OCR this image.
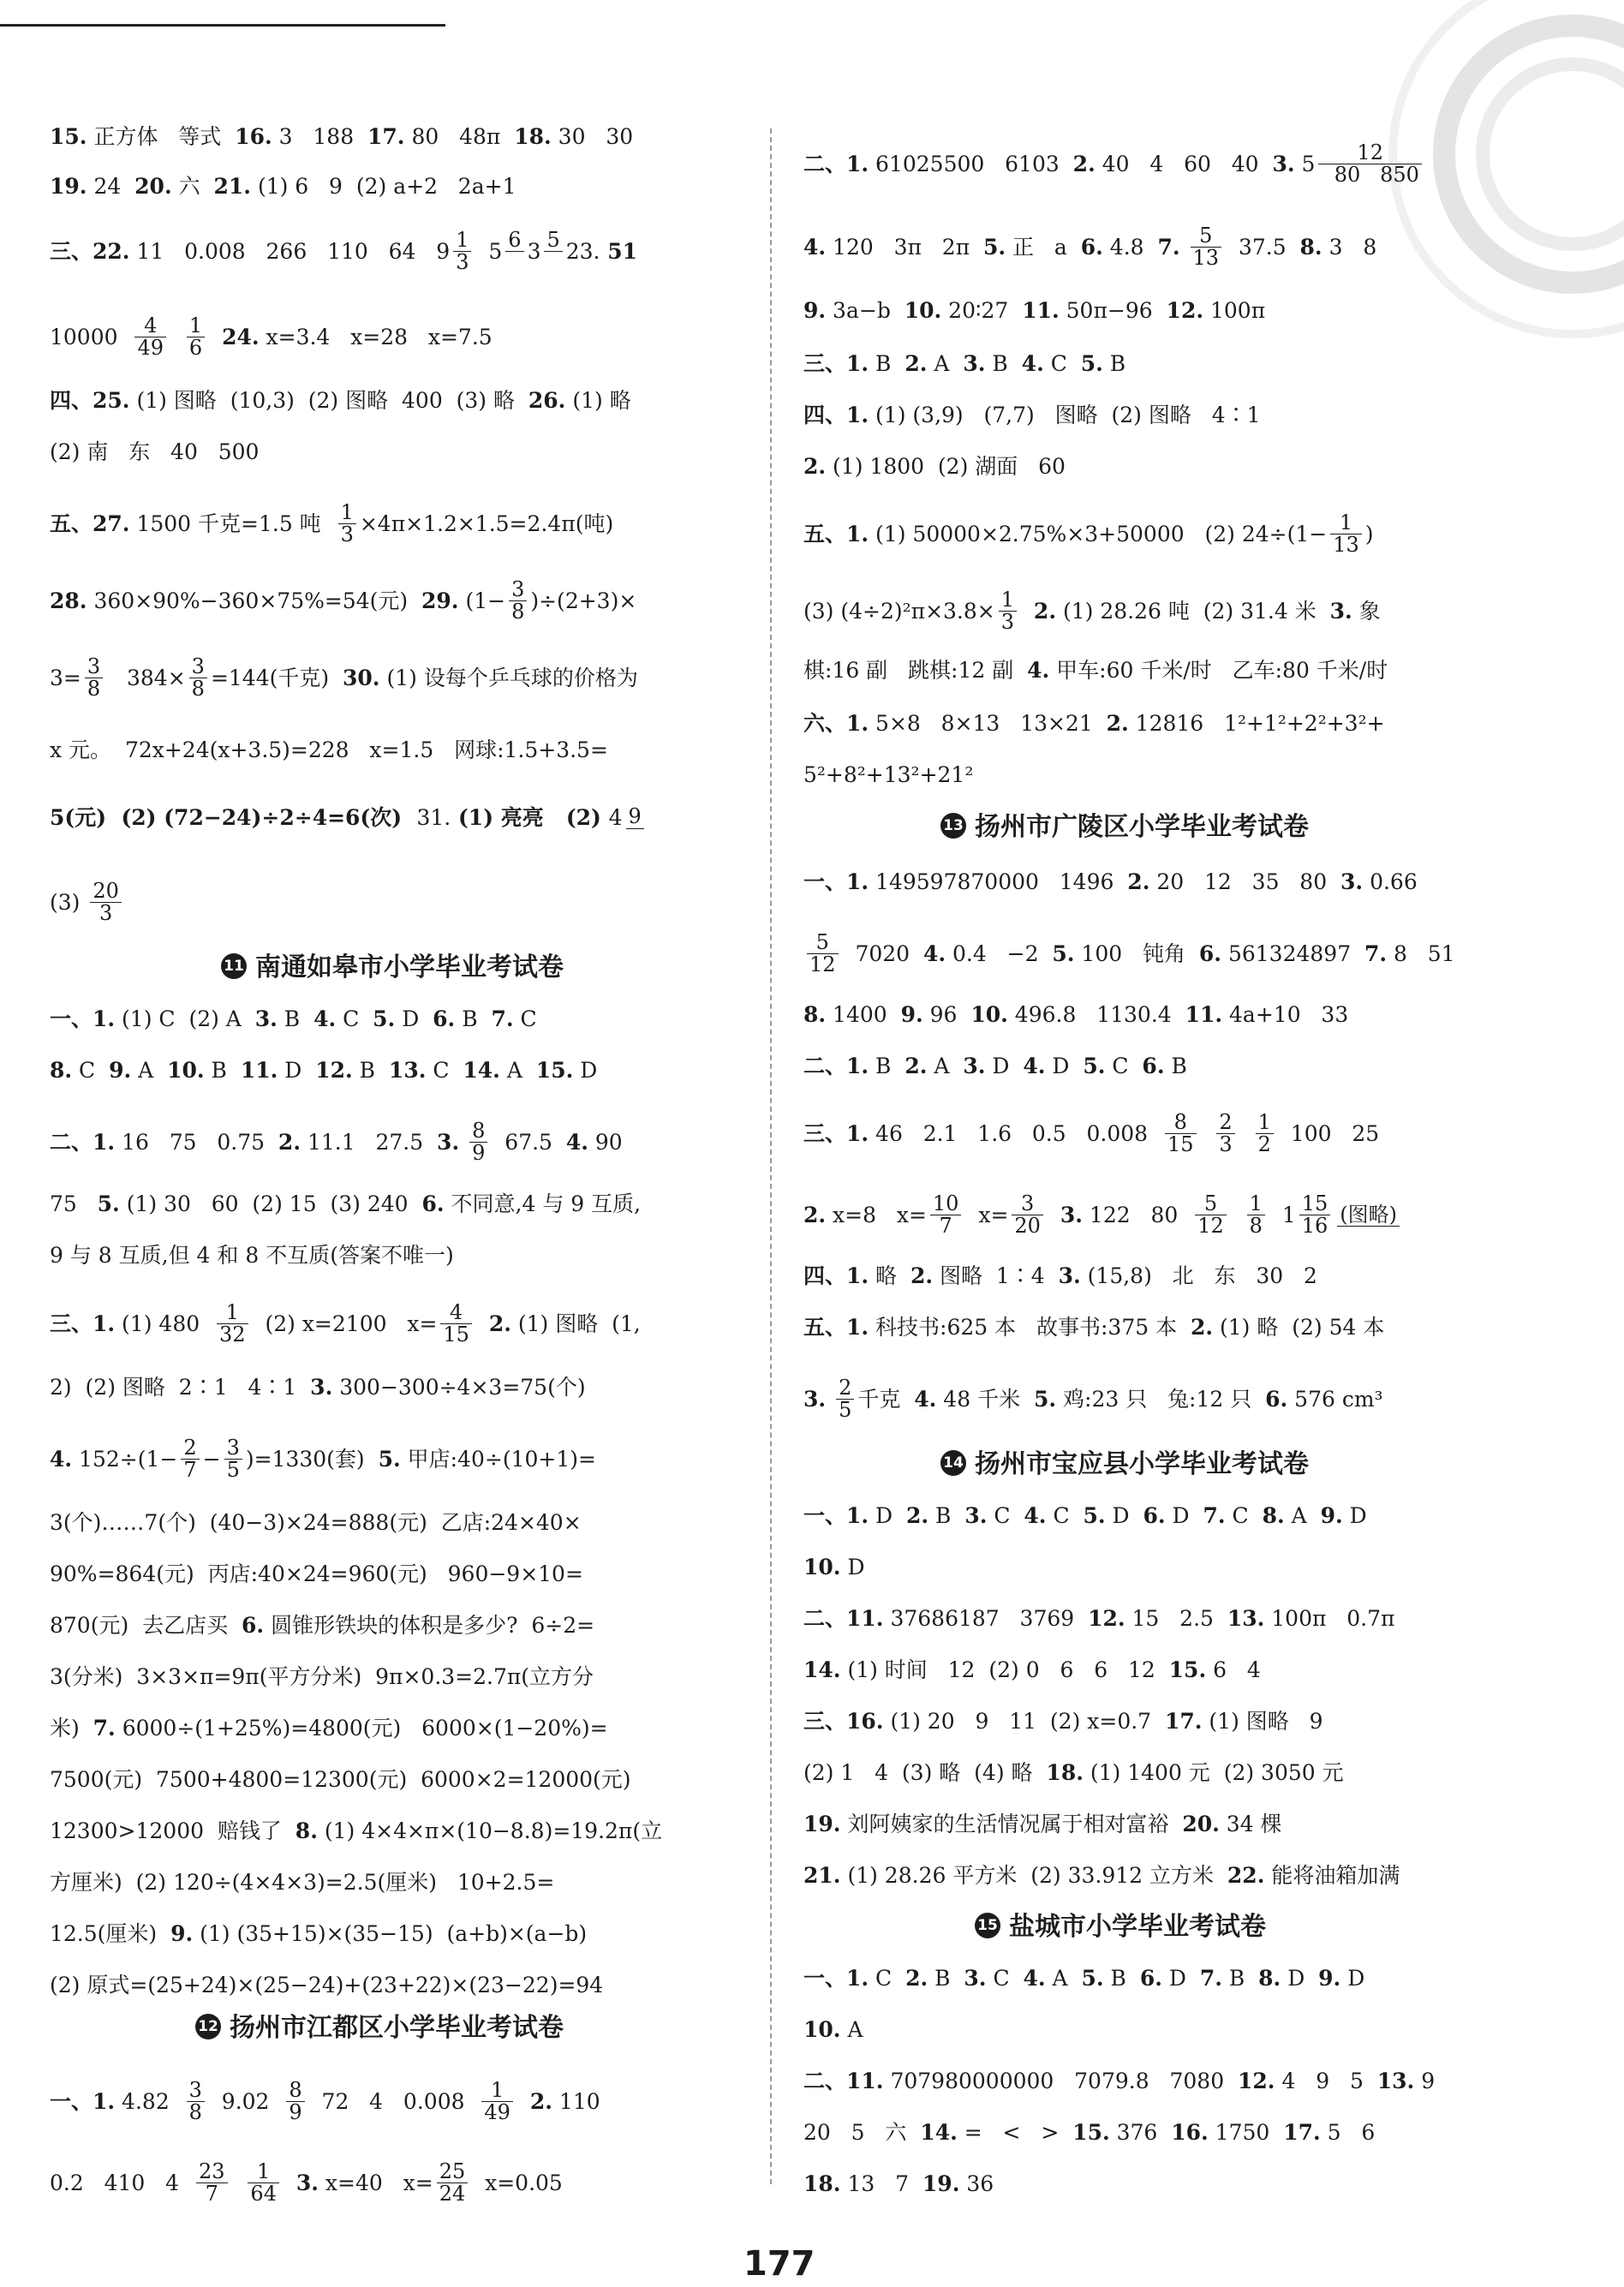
15. 正方体   等式  16. 3   188  17. 80   48π  18. 30   30
19. 24  20. 六  21. (1) 6   9  (2) a+2   2a+1
三、22. 11   0.008   266   110   64   $9 \frac{1}{3} 5$ 6
3 5
23. 51
$10000 \frac{4}{49}$
$\frac{1}{6} 24$. x=3.4   x=28   x=7.5
四、25. (1) 图略  (10,3)  (2) 图略  400  (3) 略  26. (1) 略
(2) 南   东   40   500
五、27. 1500 千克=1.5 吨 $\frac{1}{3} \times 4\pi\times 1.2\times 1.5=2.4\pi$(吨)
28. 360×90%−360×75%=54(元)  29. $(1- \frac{3}{8} )\div(2+3)\times$
$3= \frac{3}{8} 384\times \frac{3}{8} =144$(千克)  30. (1) 设每个乒乓球的价格为
x 元。  72x+24(x+3.5)=228   x=1.5   网球:1.5+3.5=
5(元)  (2) (72−24)÷2÷4=6(次)  31. (1) 亮亮   (2) 4 9
$(3) \frac{20}{3}$
一、1. (1) C  (2) A  3. B  4. C  5. D  6. B  7. C
8. C  9. A  10. B  11. D  12. B  13. C  14. A  15. D
二、1. 16   75   0.75  2. 11.1   27.5  3. $\frac{8}{9} 67.5$  4. 90
75   5. (1) 30   60  (2) 15  (3) 240  6. 不同意,4 与 9 互质,
9 与 8 互质,但 4 和 8 不互质(答案不唯一)
三、1. (1) $480 \frac{1}{32} (2)$ x=2100   $x= \frac{4}{15} 2$. (1) 图略  (1,
2)  (2) 图略  2∶1   4∶1  3. 300−300÷4×3=75(个)
4. $152\div(1- \frac{2}{7} - \frac{3}{5} )=1330$(套)  5. 甲店:40÷(10+1)=
3(个)……7(个)  (40−3)×24=888(元)  乙店:24×40×
90%=864(元)  丙店:40×24=960(元)   960−9×10=
870(元)  去乙店买  6. 圆锥形铁块的体积是多少?  6÷2=
3(分米)  3×3×π=9π(平方分米)  9π×0.3=2.7π(立方分
米)  7. 6000÷(1+25%)=4800(元)   6000×(1−20%)=
7500(元)  7500+4800=12300(元)  6000×2=12000(元)
12300>12000  赔钱了  8. (1) 4×4×π×(10−8.8)=19.2π(立
方厘米)  (2) 120÷(4×4×3)=2.5(厘米)   10+2.5=
12.5(厘米)  9. (1) (35+15)×(35−15)  (a+b)×(a−b)
(2) 原式=(25+24)×(25−24)+(23+22)×(23−22)=94
一、1. $4.82 \frac{3}{8} 9.02 \frac{8}{9} 72$   4   $0.008 \frac{1}{49} 2$. 110
0.2   410   $4 \frac{23}{7}$
$\frac{1}{64} 3$. x=40   $x= \frac{25}{24} x=0.05$
11 南通如皋市小学毕业考试卷
12 扬州市江都区小学毕业考试卷
二、1. 61025500   6103  2. 40   4   60   40  3. $5 \frac{12}{80 850}$
4. 120   3π   2π  5. 正   a  6. 4.8  7. $\frac{5}{13} 37.5$  8. 3   8
9. 3a−b  10. 20∶27  11. 50π−96  12. 100π
三、1. B  2. A  3. B  4. C  5. B
四、1. (1) (3,9)   (7,7)   图略  (2) 图略   4∶1
2. (1) 1800  (2) 湖面   60
五、1. (1) 50000×2.75%×3+50000   (2) $24\div(1- \frac{1}{13}$ )
(3) $(4\div 2)^2\pi\times 3.8\times \frac{1}{3} 2$. (1) 28.26 吨  (2) 31.4 米  3. 象
棋:16 副   跳棋:12 副  4. 甲车:60 千米/时   乙车:80 千米/时
六、1. 5×8   8×13   13×21  2. 12816   1²+1²+2²+3²+
5²+8²+13²+21²
一、1. 149597870000   1496  2. 20   12   35   80  3. 0.66
$\frac{5}{12} 7020$  4. 0.4   −2  5. 100   钝角  6. 561324897  7. 8   51
8. 1400  9. 96  10. 496.8   1130.4  11. 4a+10   33
二、1. B  2. A  3. D  4. D  5. C  6. B
三、1. 46   2.1   1.6   0.5   $0.008 \frac{8}{15}$
$\frac{2}{3}$
$\frac{1}{2} 100$   25
2. x=8   $x= \frac{10}{7} x= \frac{3}{20} 3$. 122   $80 \frac{5}{12}$
$\frac{1}{8} 1 \frac{15}{16}$ (图略)
四、1. 略  2. 图略  1∶4  3. (15,8)   北   东   30   2
五、1. 科技书:625 本   故事书:375 本  2. (1) 略  (2) 54 本
3. $\frac{2}{5}$ 千克  4. 48 千米  5. 鸡:23 只   兔:12 只  6. 576 cm³
一、1. D  2. B  3. C  4. C  5. D  6. D  7. C  8. A  9. D
10. D
二、11. 37686187   3769  12. 15   2.5  13. 100π   0.7π
14. (1) 时间   12  (2) 0   6   6   12  15. 6   4
三、16. (1) 20   9   11  (2) x=0.7  17. (1) 图略   9
(2) 1   4  (3) 略  (4) 略  18. (1) 1400 元  (2) 3050 元
19. 刘阿姨家的生活情况属于相对富裕  20. 34 棵
21. (1) 28.26 平方米  (2) 33.912 立方米  22. 能将油箱加满
一、1. C  2. B  3. C  4. A  5. B  6. D  7. B  8. D  9. D
10. A
二、11. 707980000000   7079.8   7080  12. 4   9   5  13. 9
20   5   六  14. =   <   >  15. 376  16. 1750  17. 5   6
18. 13   7  19. 36
13 扬州市广陵区小学毕业考试卷
14 扬州市宝应县小学毕业考试卷
15 盐城市小学毕业考试卷
177
